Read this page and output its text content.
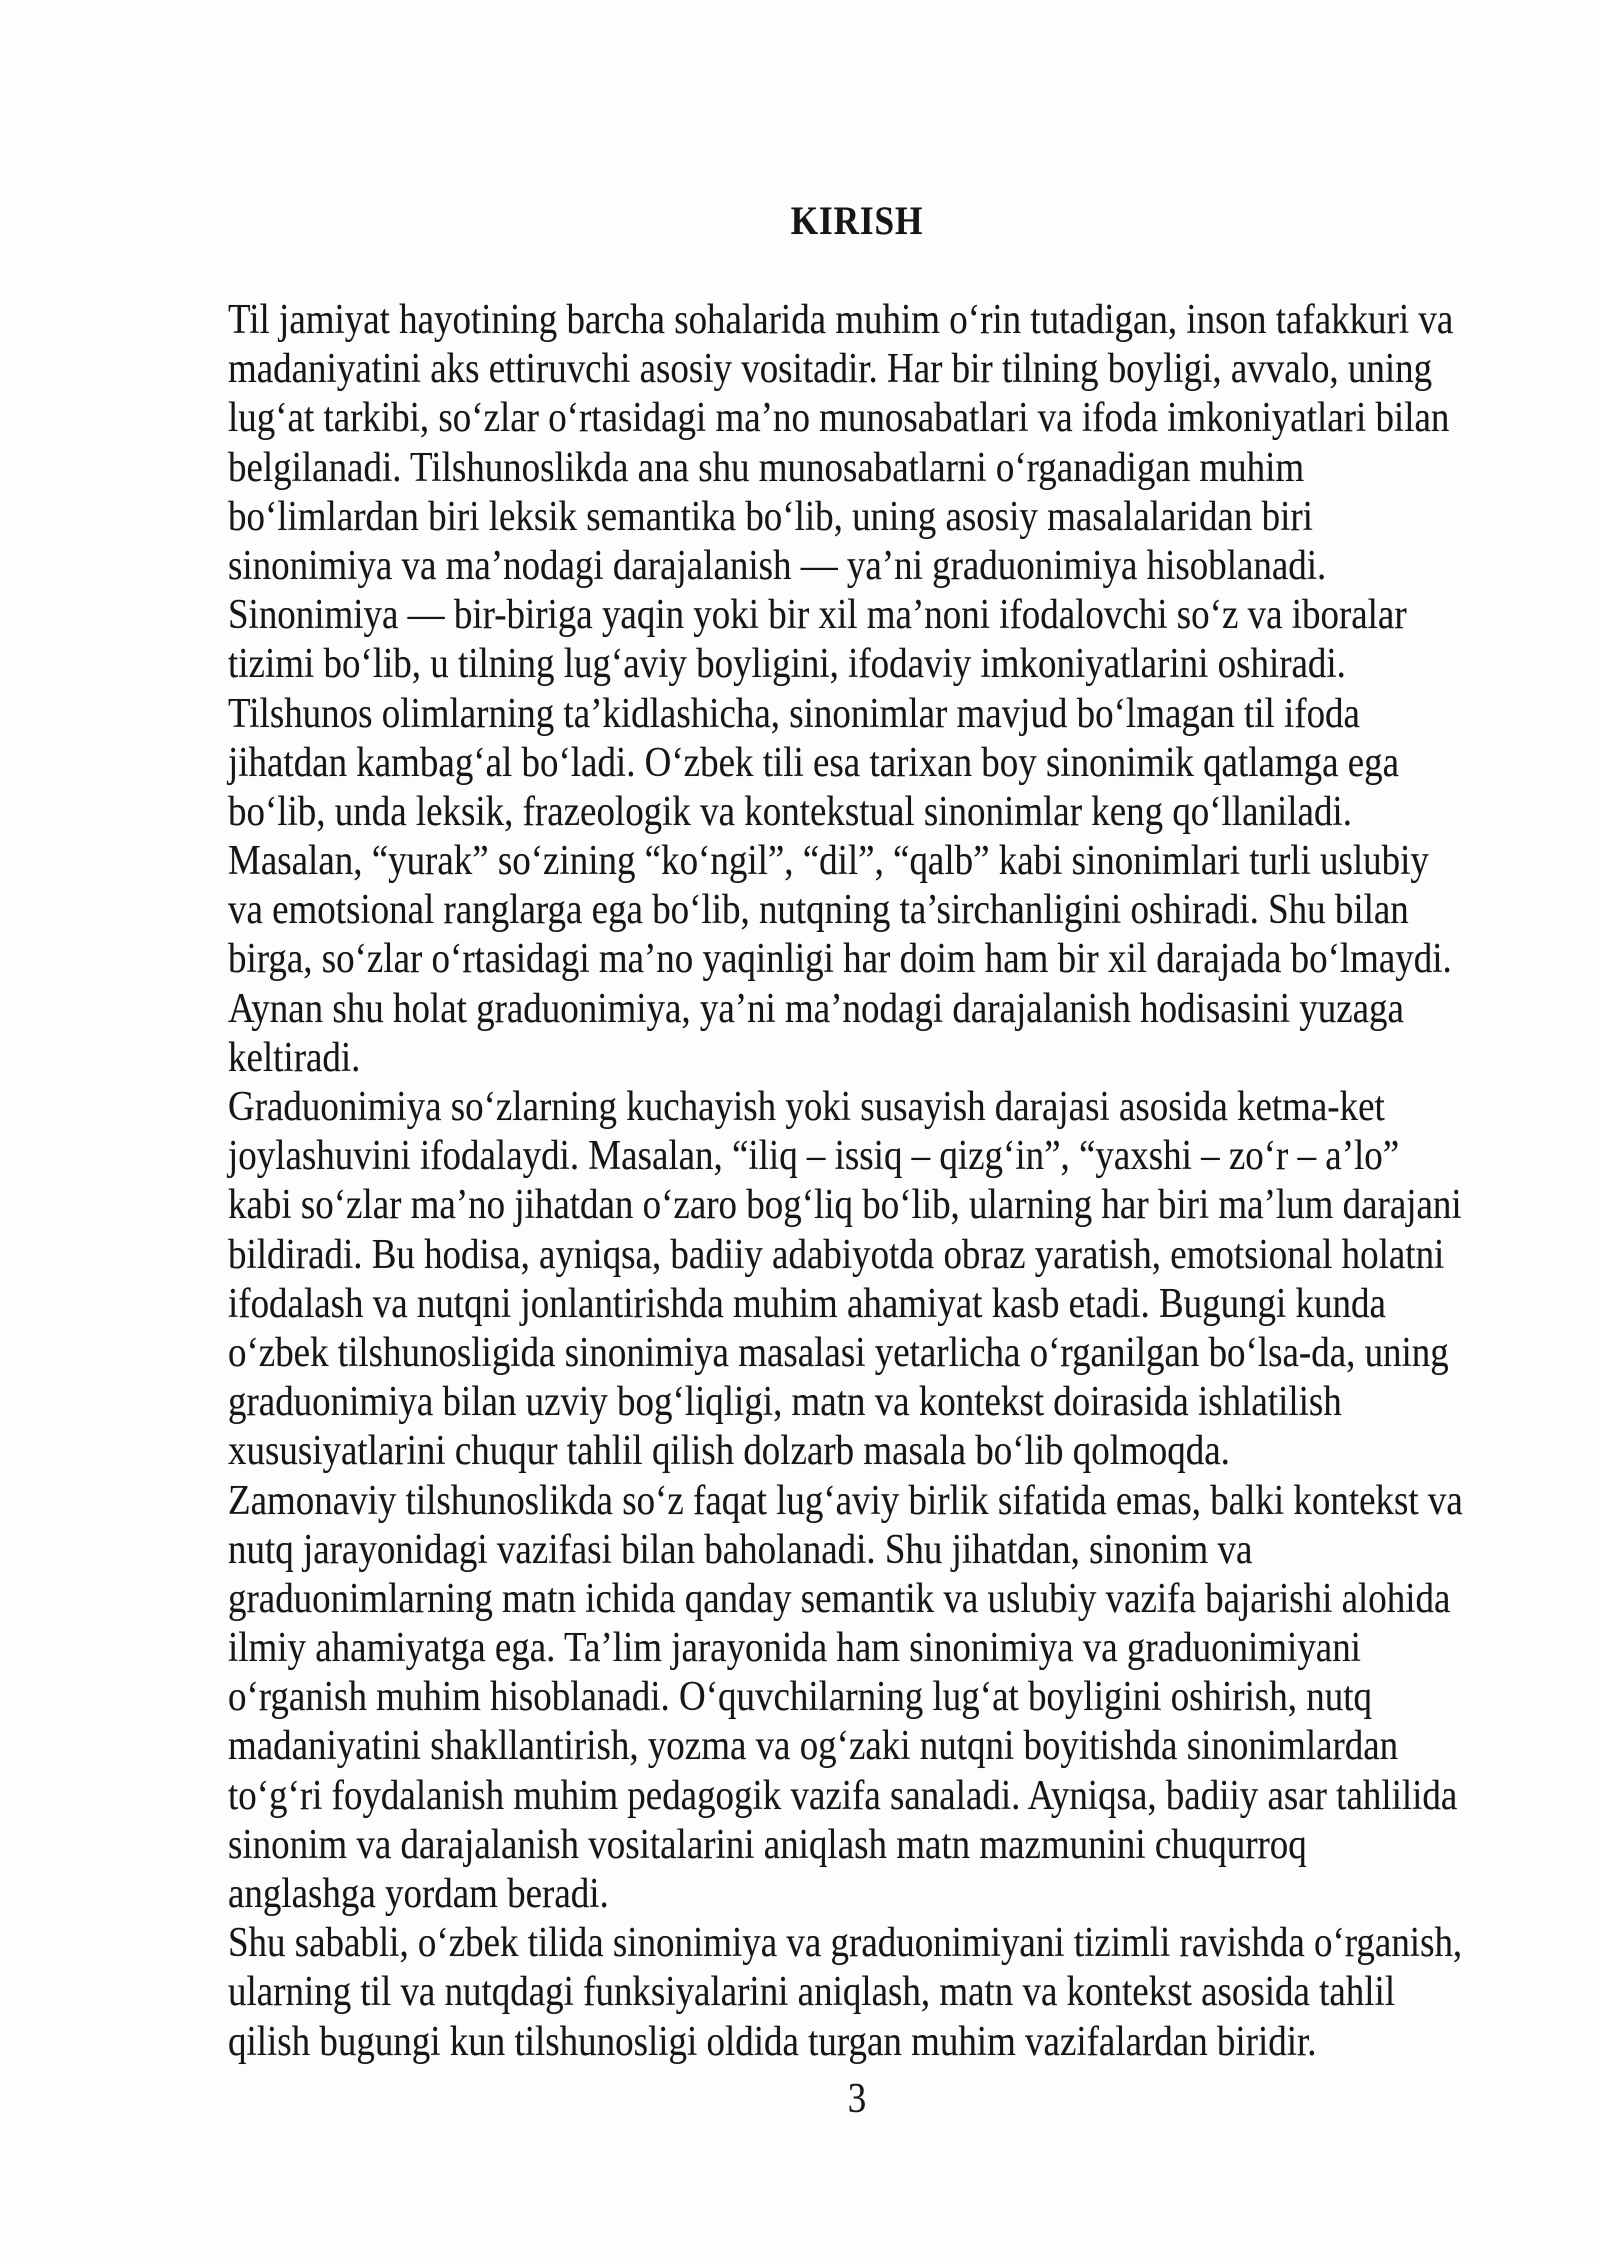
KIRISH
Til jamiyat hayotining barcha sohalarida muhim o‘rin tutadigan, inson tafakkuri va
madaniyatini aks ettiruvchi asosiy vositadir. Har bir tilning boyligi, avvalo, uning
lug‘at tarkibi, so‘zlar o‘rtasidagi ma’no munosabatlari va ifoda imkoniyatlari bilan
belgilanadi. Tilshunoslikda ana shu munosabatlarni o‘rganadigan muhim
bo‘limlardan biri leksik semantika bo‘lib, uning asosiy masalalaridan biri
sinonimiya va ma’nodagi darajalanish — ya’ni graduonimiya hisoblanadi.
Sinonimiya — bir-biriga yaqin yoki bir xil ma’noni ifodalovchi so‘z va iboralar
tizimi bo‘lib, u tilning lug‘aviy boyligini, ifodaviy imkoniyatlarini oshiradi.
Tilshunos olimlarning ta’kidlashicha, sinonimlar mavjud bo‘lmagan til ifoda
jihatdan kambag‘al bo‘ladi. O‘zbek tili esa tarixan boy sinonimik qatlamga ega
bo‘lib, unda leksik, frazeologik va kontekstual sinonimlar keng qo‘llaniladi.
Masalan, “yurak” so‘zining “ko‘ngil”, “dil”, “qalb” kabi sinonimlari turli uslubiy
va emotsional ranglarga ega bo‘lib, nutqning ta’sirchanligini oshiradi. Shu bilan
birga, so‘zlar o‘rtasidagi ma’no yaqinligi har doim ham bir xil darajada bo‘lmaydi.
Aynan shu holat graduonimiya, ya’ni ma’nodagi darajalanish hodisasini yuzaga
keltiradi.
Graduonimiya so‘zlarning kuchayish yoki susayish darajasi asosida ketma-ket
joylashuvini ifodalaydi. Masalan, “iliq – issiq – qizg‘in”, “yaxshi – zo‘r – a’lo”
kabi so‘zlar ma’no jihatdan o‘zaro bog‘liq bo‘lib, ularning har biri ma’lum darajani
bildiradi. Bu hodisa, ayniqsa, badiiy adabiyotda obraz yaratish, emotsional holatni
ifodalash va nutqni jonlantirishda muhim ahamiyat kasb etadi. Bugungi kunda
o‘zbek tilshunosligida sinonimiya masalasi yetarlicha o‘rganilgan bo‘lsa-da, uning
graduonimiya bilan uzviy bog‘liqligi, matn va kontekst doirasida ishlatilish
xususiyatlarini chuqur tahlil qilish dolzarb masala bo‘lib qolmoqda.
Zamonaviy tilshunoslikda so‘z faqat lug‘aviy birlik sifatida emas, balki kontekst va
nutq jarayonidagi vazifasi bilan baholanadi. Shu jihatdan, sinonim va
graduonimlarning matn ichida qanday semantik va uslubiy vazifa bajarishi alohida
ilmiy ahamiyatga ega. Ta’lim jarayonida ham sinonimiya va graduonimiyani
o‘rganish muhim hisoblanadi. O‘quvchilarning lug‘at boyligini oshirish, nutq
madaniyatini shakllantirish, yozma va og‘zaki nutqni boyitishda sinonimlardan
to‘g‘ri foydalanish muhim pedagogik vazifa sanaladi. Ayniqsa, badiiy asar tahlilida
sinonim va darajalanish vositalarini aniqlash matn mazmunini chuqurroq
anglashga yordam beradi.
Shu sababli, o‘zbek tilida sinonimiya va graduonimiyani tizimli ravishda o‘rganish,
ularning til va nutqdagi funksiyalarini aniqlash, matn va kontekst asosida tahlil
qilish bugungi kun tilshunosligi oldida turgan muhim vazifalardan biridir.
3
